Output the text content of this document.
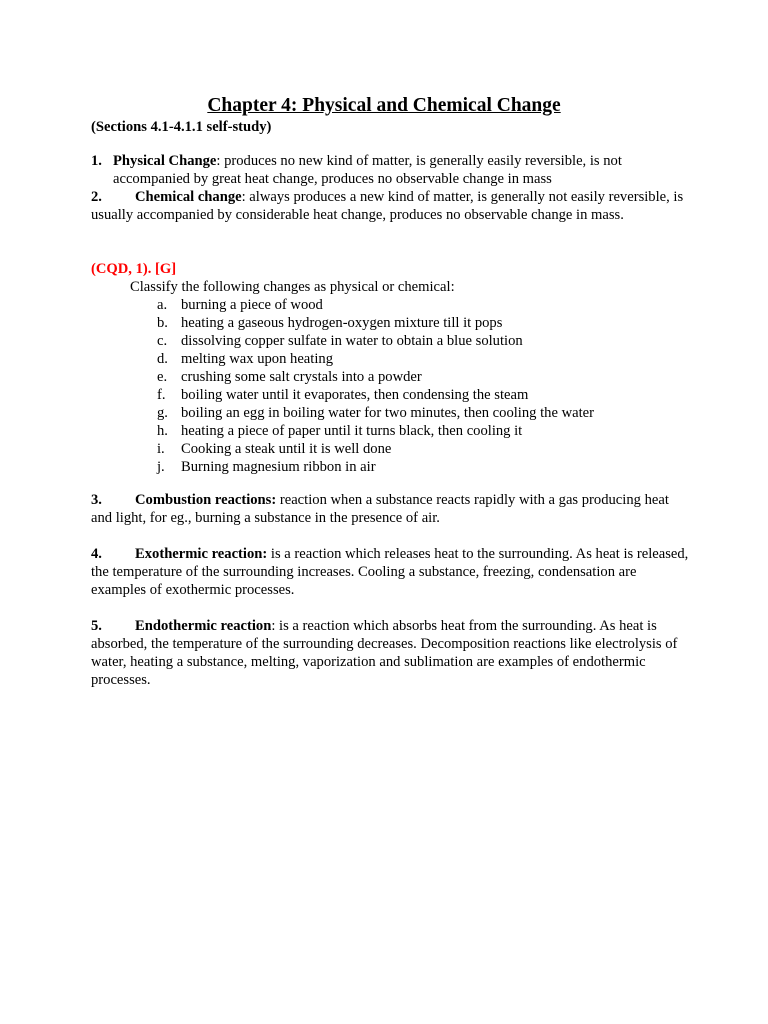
Chapter 4: Physical and Chemical Change
(Sections 4.1-4.1.1 self-study)
1. Physical Change: produces no new kind of matter, is generally easily reversible, is not accompanied by great heat change, produces no observable change in mass
2. Chemical change: always produces a new kind of matter, is generally not easily reversible, is usually accompanied by considerable heat change, produces no observable change in mass.
(CQD, 1). [G]
Classify the following changes as physical or chemical:
a. burning a piece of wood
b. heating a gaseous hydrogen-oxygen mixture till it pops
c. dissolving copper sulfate in water to obtain a blue solution
d. melting wax upon heating
e. crushing some salt crystals into a powder
f.	boiling water until it evaporates, then condensing the steam
g. boiling an egg in boiling water for two minutes, then cooling the water
h. heating a piece of paper until it turns black, then cooling it
i.	Cooking a steak until it is well done
j.	Burning magnesium ribbon in air
3. Combustion reactions: reaction when a substance reacts rapidly with a gas producing heat and light, for eg., burning a substance in the presence of air.
4. Exothermic reaction: is a reaction which releases heat to the surrounding. As heat is released, the temperature of the surrounding increases. Cooling a substance, freezing, condensation are examples of exothermic processes.
5. Endothermic reaction: is a reaction which absorbs heat from the surrounding. As heat is absorbed, the temperature of the surrounding decreases. Decomposition reactions like electrolysis of water, heating a substance, melting, vaporization and sublimation are examples of endothermic processes.
